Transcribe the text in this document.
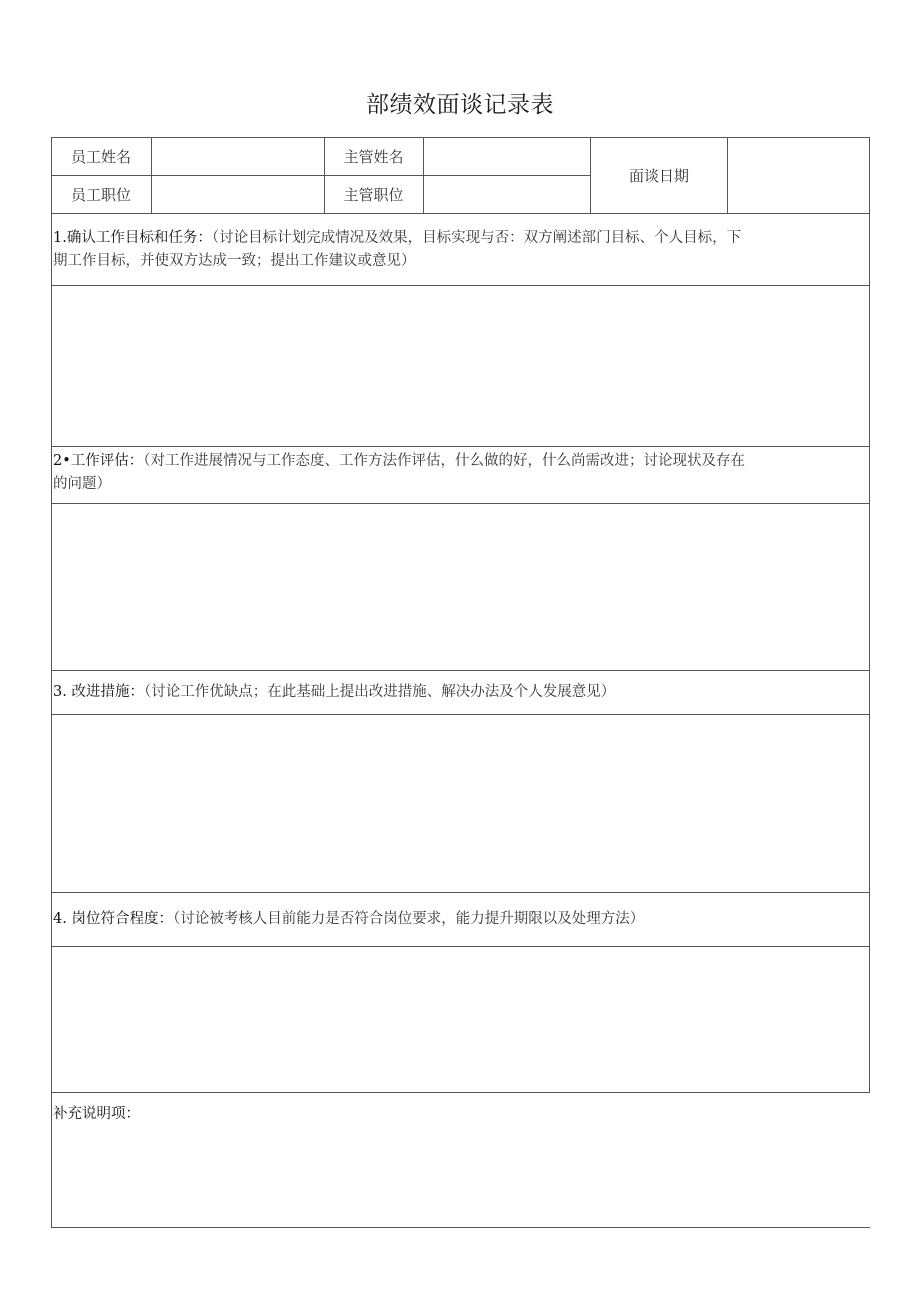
部绩效面谈记录表
员工姓名
	主管姓名

员工职位
	主管职位

面谈日期

1.确认工作目标和任务：（讨论目标计划完成情况及效果，目标实现与否：双方阐述部门目标、个人目标，下
期工作目标，并使双方达成一致；提出工作建议或意见）
2•工作评估：（对工作进展情况与工作态度、工作方法作评估，什么做的好，什么尚需改进；讨论现状及存在
的问题）
3. 改进措施：（讨论工作优缺点；在此基础上提出改进措施、解决办法及个人发展意见）
4. 岗位符合程度：（讨论被考核人目前能力是否符合岗位要求，能力提升期限以及处理方法）
补充说明项：
